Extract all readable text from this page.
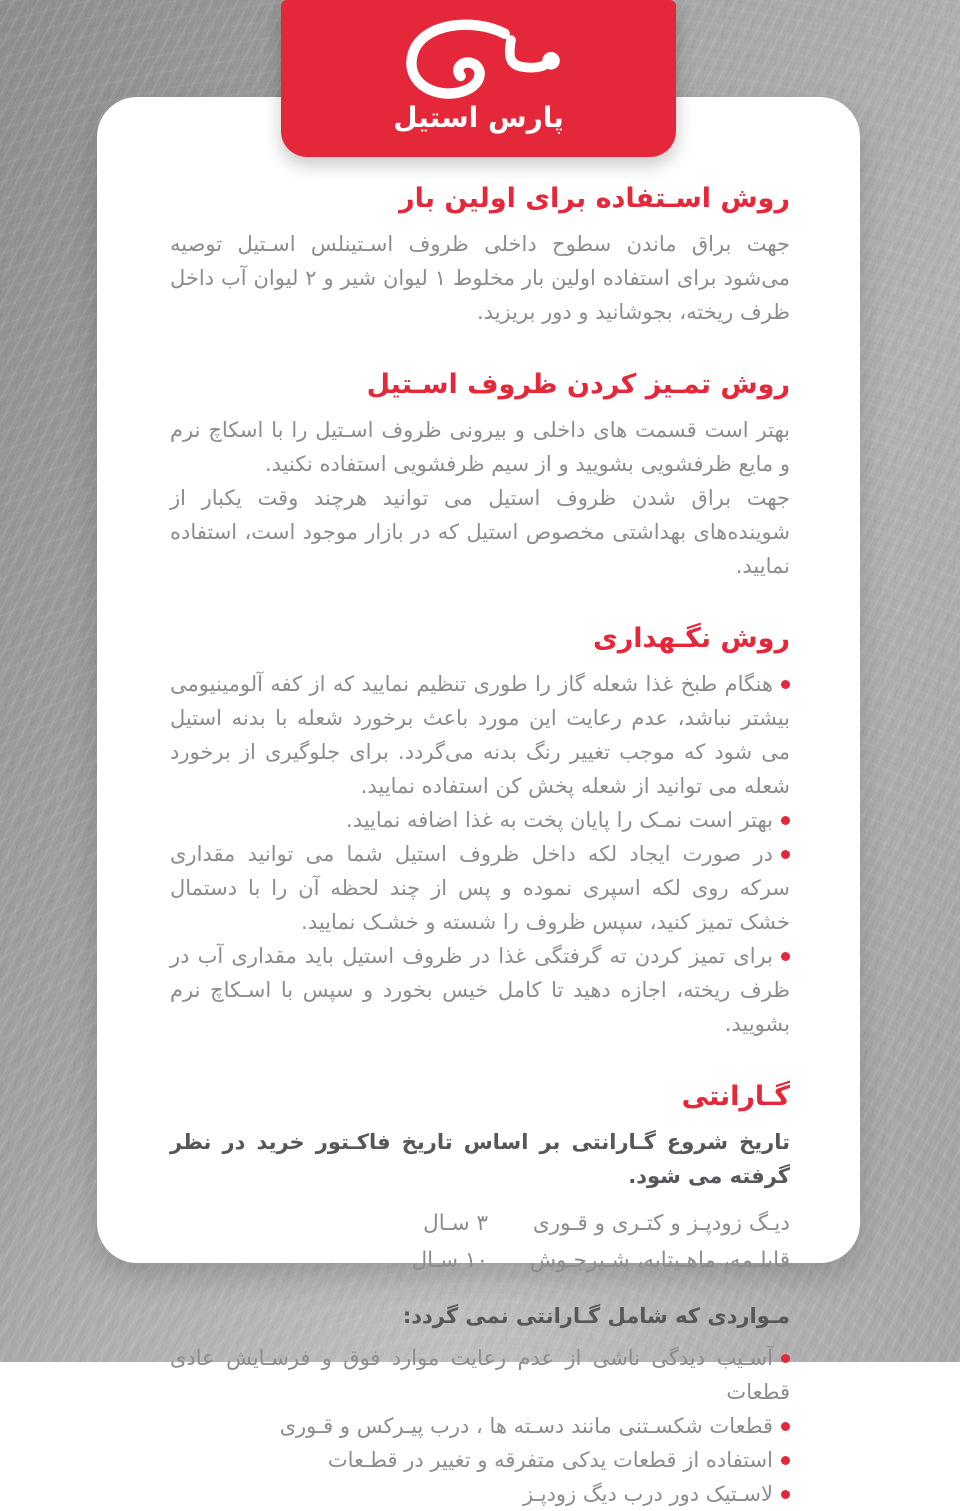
روش اسـتفاده برای اولین بار

جهت براق ماندن سطوح داخلی ظروف اسـتینلس اسـتیل توصیه می‌شود برای استفاده اولین بار مخلوط ۱ لیوان شیر و ۲ لیوان آب داخل ظرف ریخته، بجوشانید و دور بریزید.

روش تمـیز کردن ظروف اسـتیل

بهتر است قسمت های داخلی و بیرونی ظروف اسـتیل را با اسکاچ نرم و مایع ظرفشویی بشویید و از سیم ظرفشویی استفاده نکنید.

جهت براق شدن ظروف استیل می توانید هرچند وقت یکبار از شوینده‌های بهداشتی مخصوص استیل که در بازار موجود است، استفاده نمایید.

روش نگـهداری

هنگام طبخ غذا شعله گاز را طوری تنظیم نمایید که از کفه آلومینیومی بیشتر نباشد، عدم رعایت این مورد باعث برخورد شعله با بدنه استیل می شود که موجب تغییر رنگ بدنه می‌گردد. برای جلوگیری از برخورد شعله می توانید از شعله پخش کن استفاده نمایید.

بهتر است نمـک را پایان پخت به غذا اضافه نمایید.

در صورت ایجاد لکه داخل ظروف استیل شما می توانید مقداری سرکه روی لکه اسپری نموده و پس از چند لحظه آن را با دستمال خشک تمیز کنید، سپس ظروف را شسته و خشـک نمایید.

برای تمیز کردن ته گرفتگی غذا در ظروف استیل باید مقداری آب در ظرف ریخته، اجازه دهید تا کامل خیس بخورد و سپس با اسـکاچ نرم بشویید.

گـارانتی

تاریخ شروع گـارانتی بر اساس تاریخ فاکـتور خرید در نظر گرفته می شود.

دیـگ زودپـز و کتـری و قـوری
۳ سـال
قابلـمه، ماهـیتابه، شـیرجـوش
۱۰ سـال

مـواردی که شامل گـارانتی نمی گردد:

آسـیب دیدگی ناشی از عدم رعایت موارد فوق و فرسـایش عادی قطعات

قطعات شکسـتنی مانند دسـته ها ، درب پیـرکس و قـوری

استفاده از قطعات یدکی متفرقه و تغییر در قطـعات

لاسـتیک دور درب دیگ زودپـز

پارس استیل
